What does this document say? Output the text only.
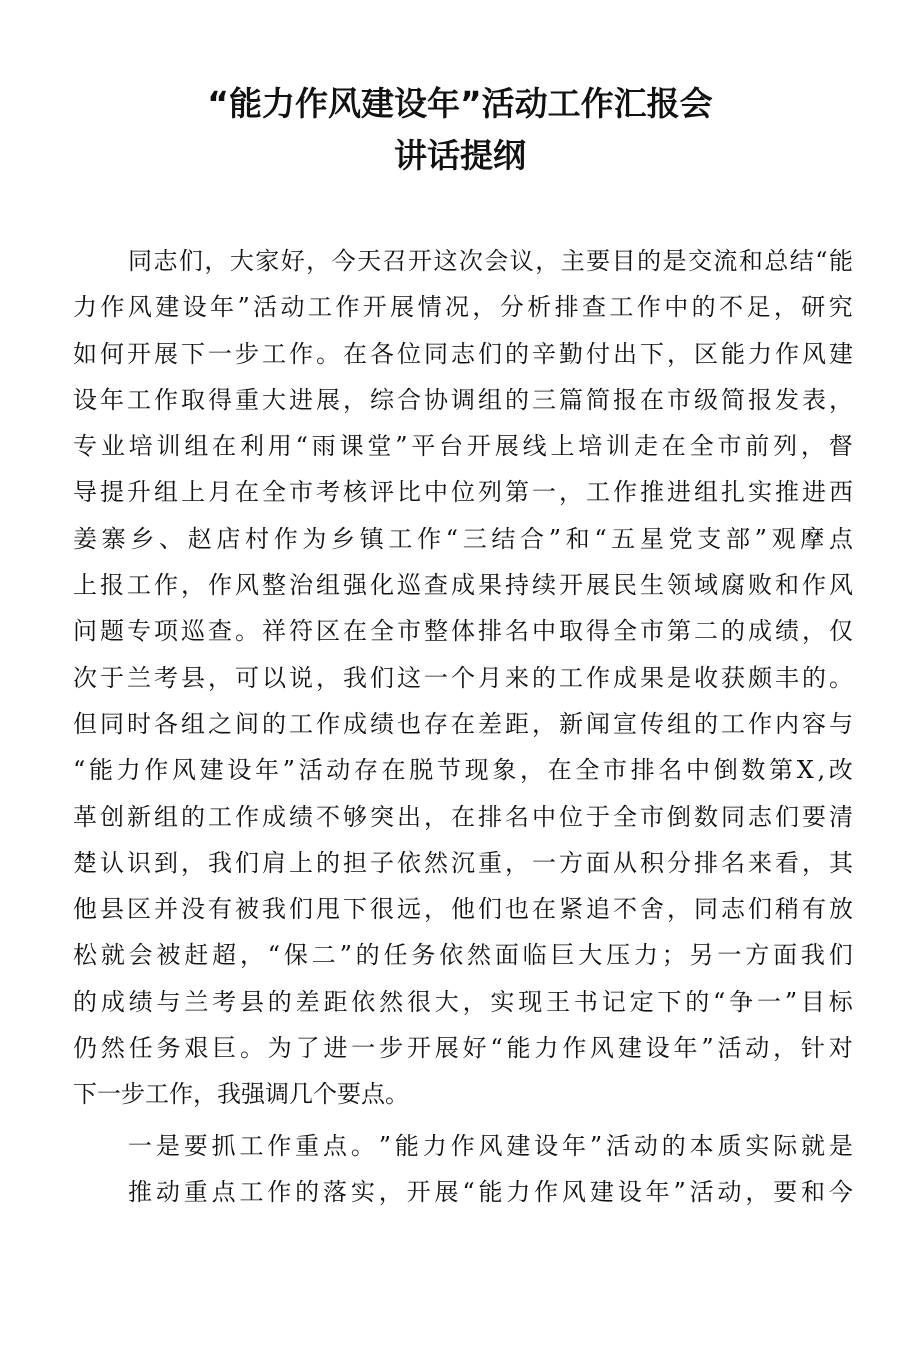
“能力作风建设年”活动工作汇报会
讲话提纲
同 志 们 ， 大 家 好 ， 今 天 召 开 这 次 会 议 ， 主 要 目 的 是 交 流 和 总 结 “ 能
力 作 风 建 设 年 ” 活 动 工 作 开 展 情 况 ， 分 析 排 查 工 作 中 的 不 足 ， 研 究
如 何 开 展 下 一 步 工 作 。 在 各 位 同 志 们 的 辛 勤 付 出 下 ， 区 能 力 作 风 建
设 年 工 作 取 得 重 大 进 展 ， 综 合 协 调 组 的 三 篇 简 报 在 市 级 简 报 发 表 ，
专 业 培 训 组 在 利 用 “ 雨 课 堂 ” 平 台 开 展 线 上 培 训 走 在 全 市 前 列 ， 督
导 提 升 组 上 月 在 全 市 考 核 评 比 中 位 列 第 一 ， 工 作 推 进 组 扎 实 推 进 西
姜 寨 乡 、 赵 店 村 作 为 乡 镇 工 作 “ 三 结 合 ” 和 “ 五 星 党 支 部 ” 观 摩 点
上 报 工 作 ， 作 风 整 治 组 强 化 巡 查 成 果 持 续 开 展 民 生 领 域 腐 败 和 作 风
问 题 专 项 巡 查 。 祥 符 区 在 全 市 整 体 排 名 中 取 得 全 市 第 二 的 成 绩 ， 仅
次 于 兰 考 县 ， 可 以 说 ， 我 们 这 一 个 月 来 的 工 作 成 果 是 收 获 颇 丰 的 。
但 同 时 各 组 之 间 的 工 作 成 绩 也 存 在 差 距 ， 新 闻 宣 传 组 的 工 作 内 容 与
“ 能 力 作 风 建 设 年 ” 活 动 存 在 脱 节 现 象 ， 在 全 市 排 名 中 倒 数 第 X , 改
革 创 新 组 的 工 作 成 绩 不 够 突 出 ， 在 排 名 中 位 于 全 市 倒 数 同 志 们 要 清
楚 认 识 到 ， 我 们 肩 上 的 担 子 依 然 沉 重 ， 一 方 面 从 积 分 排 名 来 看 ， 其
他 县 区 并 没 有 被 我 们 甩 下 很 远 ， 他 们 也 在 紧 追 不 舍 ， 同 志 们 稍 有 放
松 就 会 被 赶 超 ， “ 保 二 ” 的 任 务 依 然 面 临 巨 大 压 力 ； 另 一 方 面 我 们
的 成 绩 与 兰 考 县 的 差 距 依 然 很 大 ， 实 现 王 书 记 定 下 的 “ 争 一 ” 目 标
仍 然 任 务 艰 巨 。 为 了 进 一 步 开 展 好 “ 能 力 作 风 建 设 年 ” 活 动 ， 针 对
下一步工作，我强调几个要点。
一 是 要 抓 工 作 重 点 。 ” 能 力 作 风 建 设 年 ” 活 动 的 本 质 实 际 就 是
推 动 重 点 工 作 的 落 实 ， 开 展 “ 能 力 作 风 建 设 年 ” 活 动 ， 要 和 今
